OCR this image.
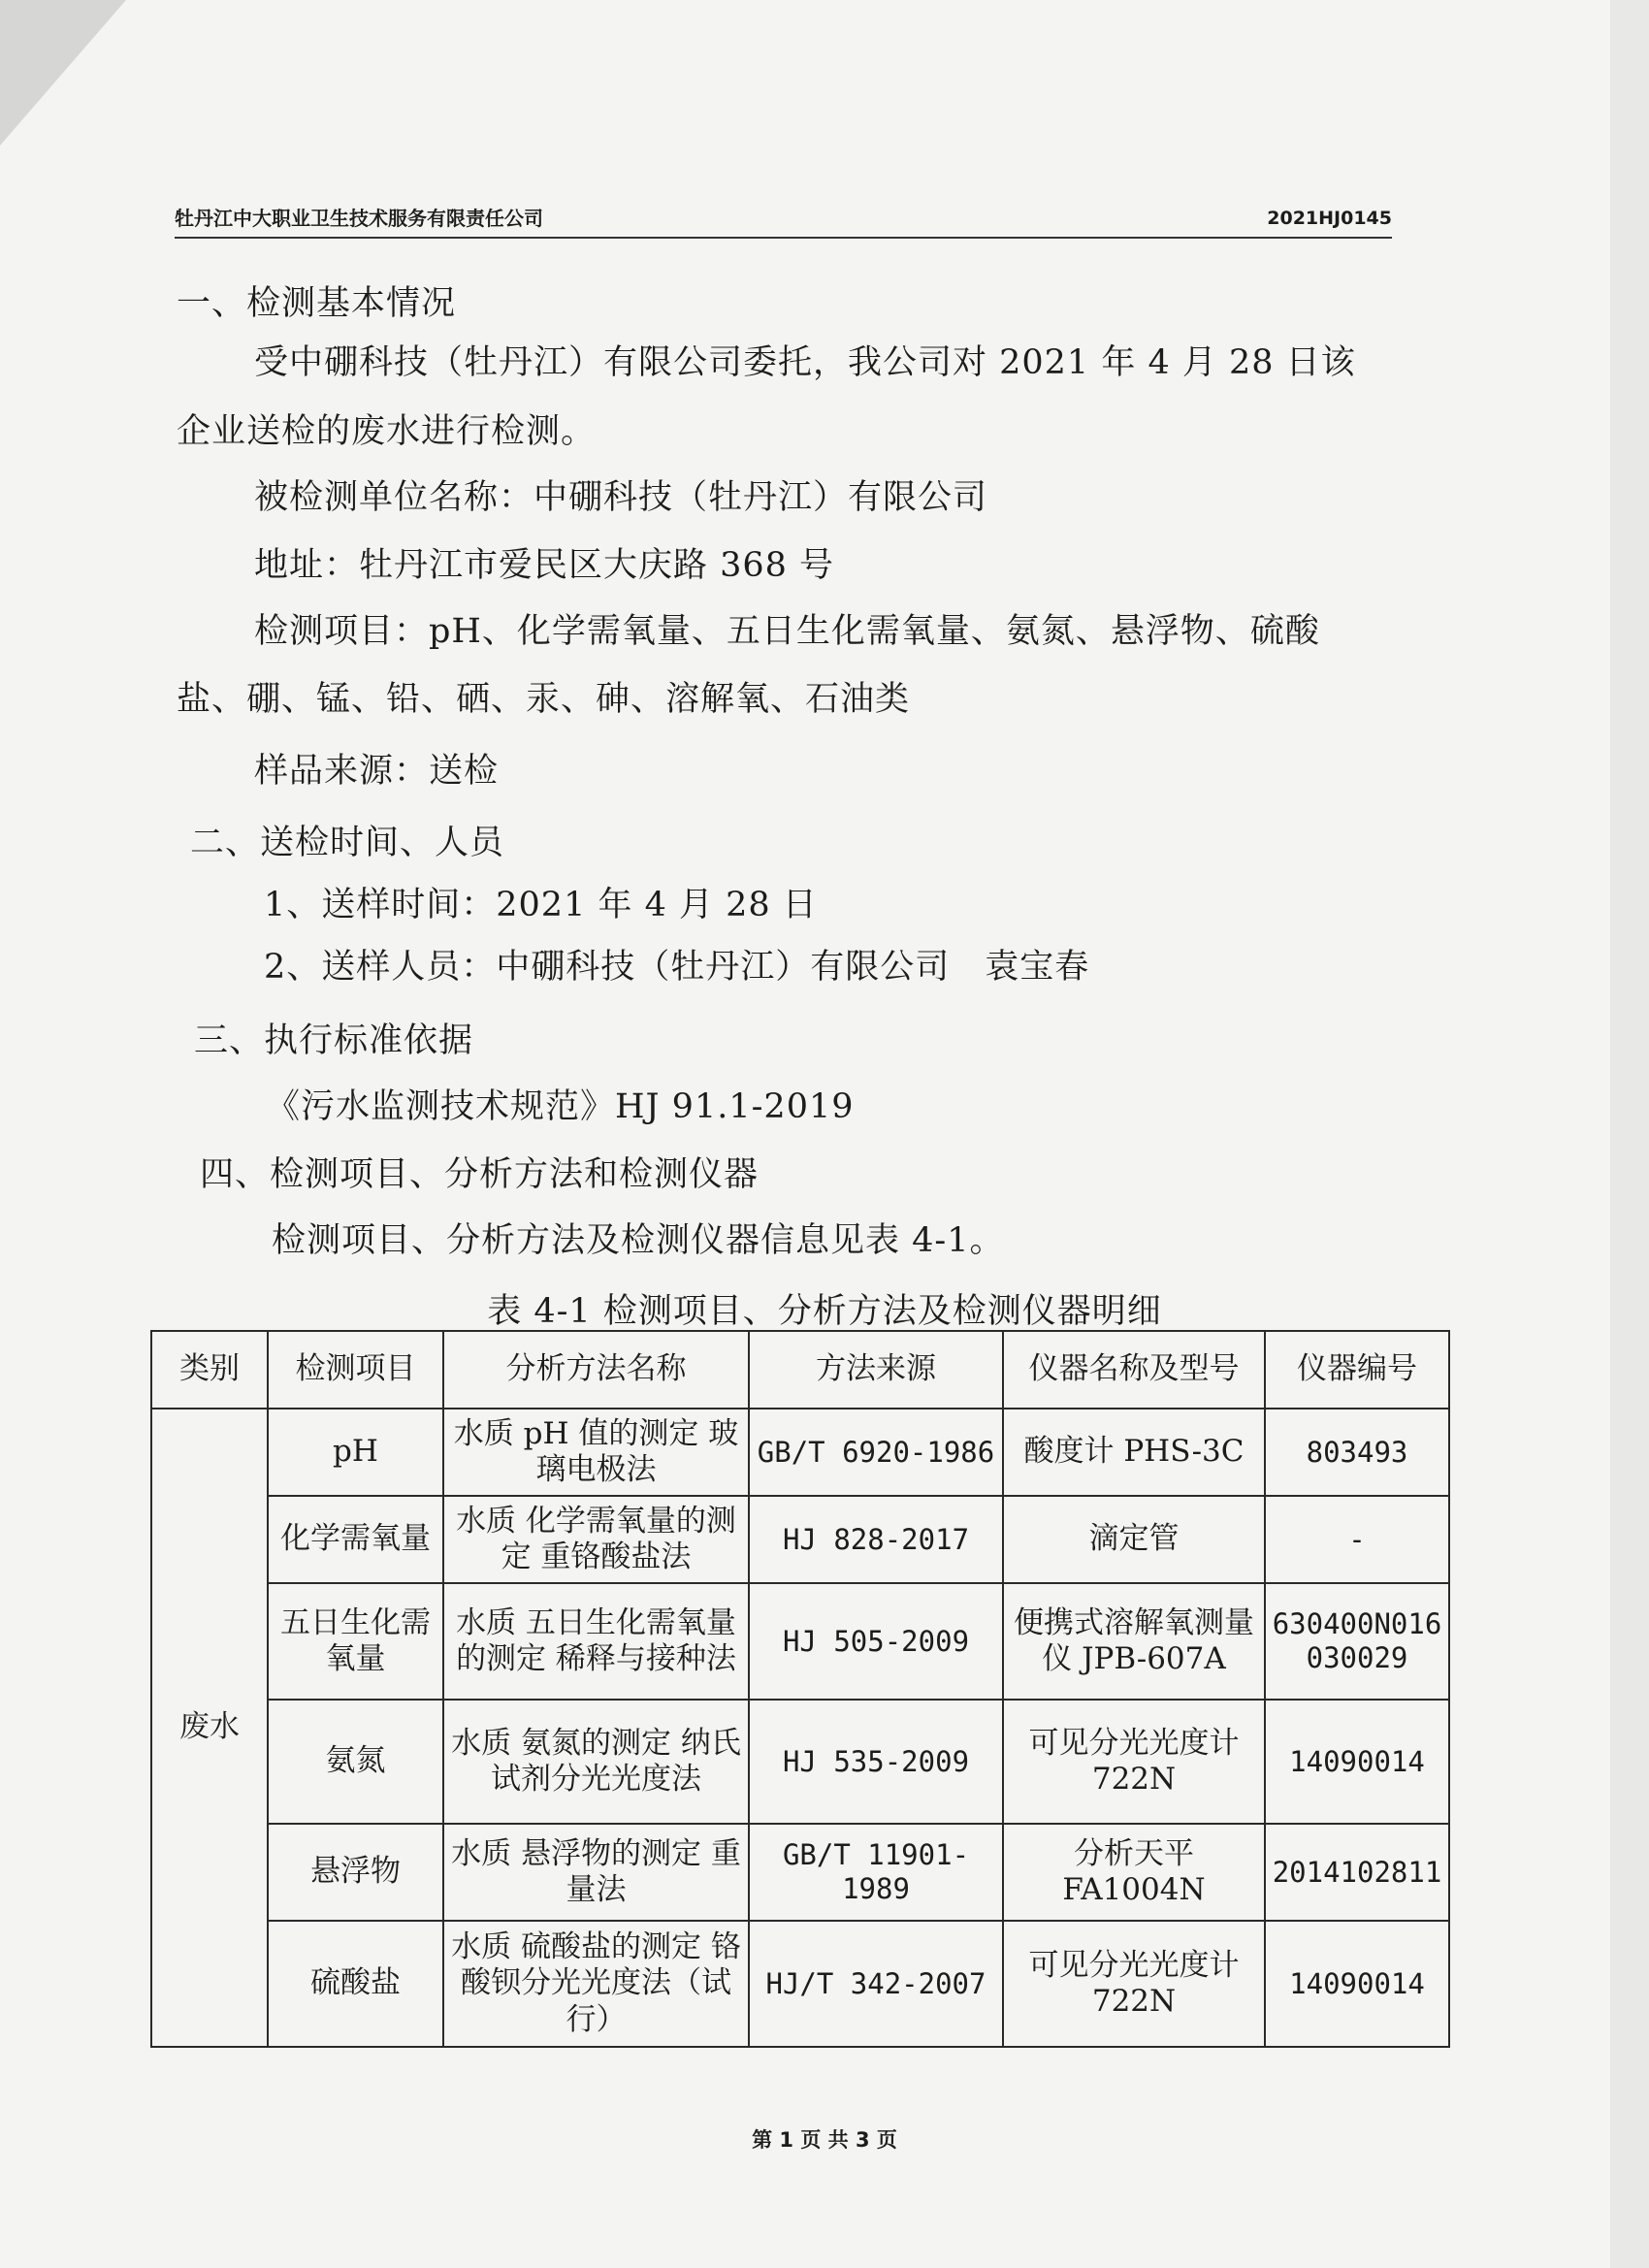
牡丹江中大职业卫生技术服务有限责任公司	2021HJ0145
一、检测基本情况
受中硼科技（牡丹江）有限公司委托，我公司对 2021 年 4 月 28 日该
企业送检的废水进行检测。
被检测单位名称：中硼科技（牡丹江）有限公司
地址：牡丹江市爱民区大庆路 368 号
检测项目：pH、化学需氧量、五日生化需氧量、氨氮、悬浮物、硫酸
盐、硼、锰、铅、硒、汞、砷、溶解氧、石油类
样品来源：送检
二、送检时间、人员
1、送样时间：2021 年 4 月 28 日
2、送样人员：中硼科技（牡丹江）有限公司　袁宝春
三、执行标准依据
《污水监测技术规范》HJ 91.1-2019
四、检测项目、分析方法和检测仪器
检测项目、分析方法及检测仪器信息见表 4-1。
表 4-1 检测项目、分析方法及检测仪器明细
类别	检测项目	分析方法名称	方法来源	仪器名称及型号	仪器编号
废水	pH	水质 pH 值的测定 玻璃电极法	GB/T 6920-1986	酸度计 PHS-3C	803493
	化学需氧量	水质 化学需氧量的测定 重铬酸盐法	HJ 828-2017	滴定管	-
	五日生化需氧量	水质 五日生化需氧量的测定 稀释与接种法	HJ 505-2009	便携式溶解氧测量仪 JPB-607A	630400N016030029
	氨氮	水质 氨氮的测定 纳氏试剂分光光度法	HJ 535-2009	可见分光光度计 722N	14090014
	悬浮物	水质 悬浮物的测定 重量法	GB/T 11901-1989	分析天平 FA1004N	2014102811
	硫酸盐	水质 硫酸盐的测定 铬酸钡分光光度法（试行）	HJ/T 342-2007	可见分光光度计 722N	14090014
第 1 页 共 3 页
